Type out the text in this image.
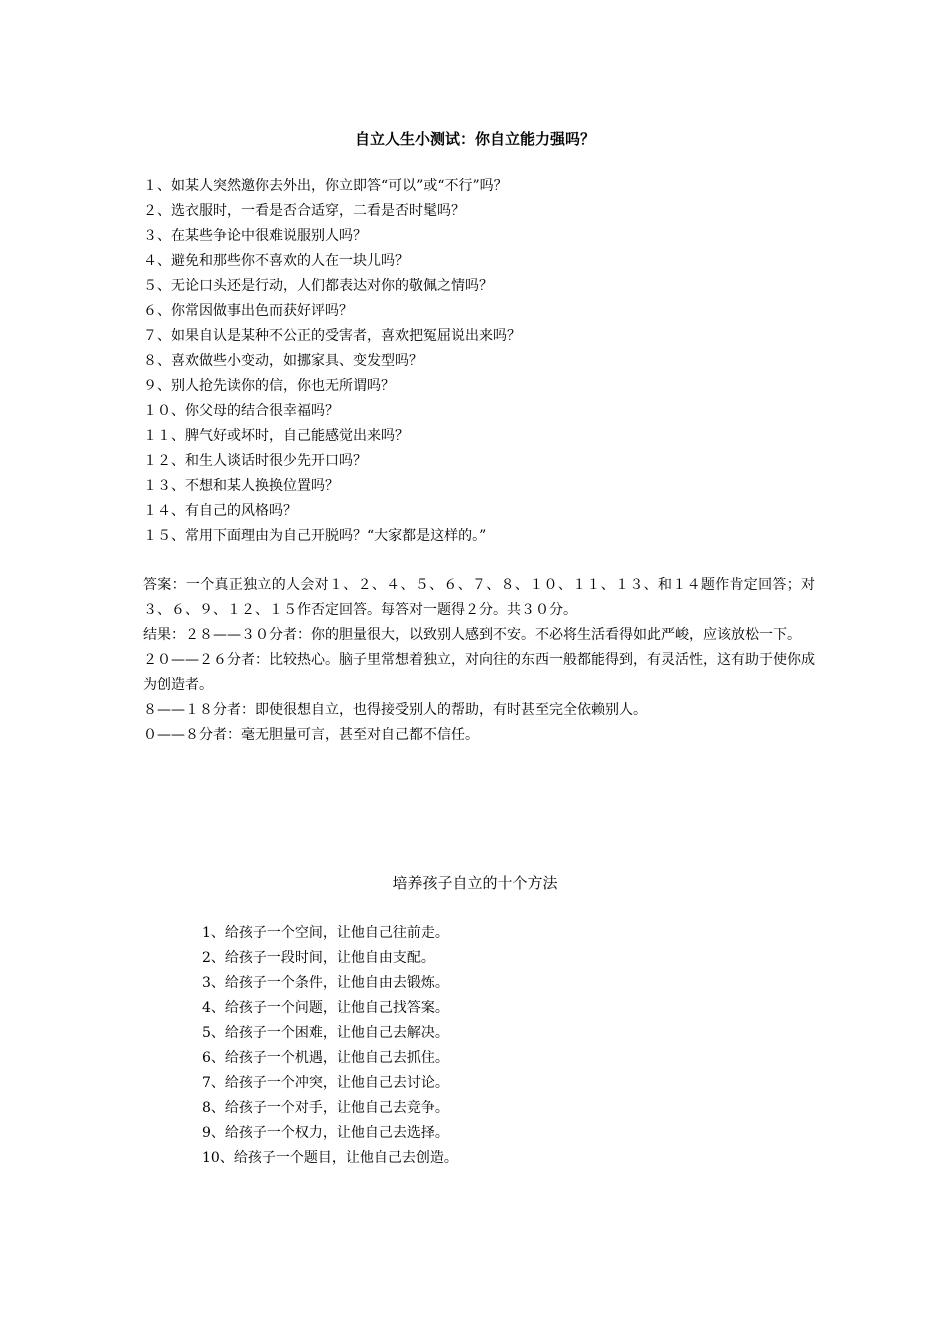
自立人生小测试：你自立能力强吗？
１、如某人突然邀你去外出，你立即答“可以”或“不行”吗？
２、选衣服时，一看是否合适穿，二看是否时髦吗？
３、在某些争论中很难说服别人吗？
４、避免和那些你不喜欢的人在一块儿吗？
５、无论口头还是行动，人们都表达对你的敬佩之情吗？
６、你常因做事出色而获好评吗？
７、如果自认是某种不公正的受害者，喜欢把冤屈说出来吗？
８、喜欢做些小变动，如挪家具、变发型吗？
９、别人抢先读你的信，你也无所谓吗？
１０、你父母的结合很幸福吗？
１１、脾气好或坏时，自己能感觉出来吗？
１２、和生人谈话时很少先开口吗？
１３、不想和某人换换位置吗？
１４、有自己的风格吗？
１５、常用下面理由为自己开脱吗？“大家都是这样的。”
答案：一个真正独立的人会对１、２、４、５、６、７、８、１０、１１、１３、和１４题作肯定回答；对３、６、９、１２、１５作否定回答。每答对一题得２分。共３０分。
结果：２８——３０分者：你的胆量很大，以致别人感到不安。不必将生活看得如此严峻，应该放松一下。
２０——２６分者：比较热心。脑子里常想着独立，对向往的东西一般都能得到，有灵活性，这有助于使你成为创造者。
８——１８分者：即使很想自立，也得接受别人的帮助，有时甚至完全依赖别人。
０——８分者：毫无胆量可言，甚至对自己都不信任。
培养孩子自立的十个方法
1、给孩子一个空间，让他自己往前走。
2、给孩子一段时间，让他自由支配。
3、给孩子一个条件，让他自由去锻炼。
4、给孩子一个问题，让他自己找答案。
5、给孩子一个困难，让他自己去解决。
6、给孩子一个机遇，让他自己去抓住。
7、给孩子一个冲突，让他自己去讨论。
8、给孩子一个对手，让他自己去竞争。
9、给孩子一个权力，让他自己去选择。
10、给孩子一个题目，让他自己去创造。
